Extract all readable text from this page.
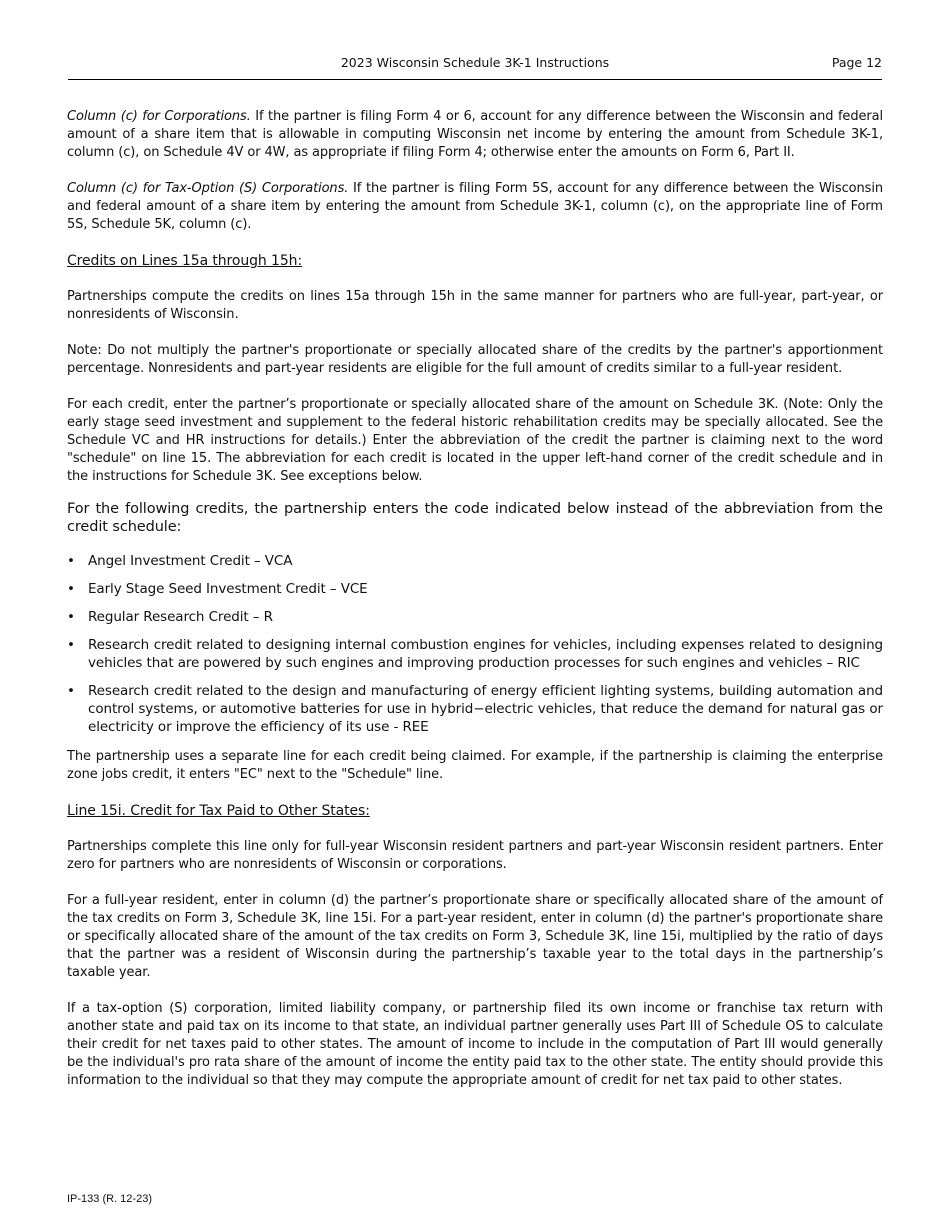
2023 Wisconsin Schedule 3K-1 Instructions	Page 12

Column (c) for Corporations. If the partner is filing Form 4 or 6, account for any difference between the Wisconsin and federal amount of a share item that is allowable in computing Wisconsin net income by entering the amount from Schedule 3K-1, column (c), on Schedule 4V or 4W, as appropriate if filing Form 4; otherwise enter the amounts on Form 6, Part II.

Column (c) for Tax-Option (S) Corporations. If the partner is filing Form 5S, account for any difference between the Wisconsin and federal amount of a share item by entering the amount from Schedule 3K-1, column (c), on the appropriate line of Form 5S, Schedule 5K, column (c).

Credits on Lines 15a through 15h:

Partnerships compute the credits on lines 15a through 15h in the same manner for partners who are full-year, part-year, or nonresidents of Wisconsin.

Note: Do not multiply the partner's proportionate or specially allocated share of the credits by the partner's apportionment percentage. Nonresidents and part-year residents are eligible for the full amount of credits similar to a full-year resident.

For each credit, enter the partner’s proportionate or specially allocated share of the amount on Schedule 3K. (Note: Only the early stage seed investment and supplement to the federal historic rehabilitation credits may be specially allocated. See the Schedule VC and HR instructions for details.) Enter the abbreviation of the credit the partner is claiming next to the word "schedule" on line 15. The abbreviation for each credit is located in the upper left-hand corner of the credit schedule and in the instructions for Schedule 3K. See exceptions below.

For the following credits, the partnership enters the code indicated below instead of the abbreviation from the credit schedule:

• Angel Investment Credit – VCA
• Early Stage Seed Investment Credit – VCE
• Regular Research Credit – R
• Research credit related to designing internal combustion engines for vehicles, including expenses related to designing vehicles that are powered by such engines and improving production processes for such engines and vehicles – RIC
• Research credit related to the design and manufacturing of energy efficient lighting systems, building automation and control systems, or automotive batteries for use in hybrid−electric vehicles, that reduce the demand for natural gas or electricity or improve the efficiency of its use - REE

The partnership uses a separate line for each credit being claimed. For example, if the partnership is claiming the enterprise zone jobs credit, it enters "EC" next to the "Schedule" line.

Line 15i. Credit for Tax Paid to Other States:

Partnerships complete this line only for full-year Wisconsin resident partners and part-year Wisconsin resident partners. Enter zero for partners who are nonresidents of Wisconsin or corporations.

For a full-year resident, enter in column (d) the partner’s proportionate share or specifically allocated share of the amount of the tax credits on Form 3, Schedule 3K, line 15i. For a part-year resident, enter in column (d) the partner's proportionate share or specifically allocated share of the amount of the tax credits on Form 3, Schedule 3K, line 15i, multiplied by the ratio of days that the partner was a resident of Wisconsin during the partnership’s taxable year to the total days in the partnership’s taxable year.

If a tax-option (S) corporation, limited liability company, or partnership filed its own income or franchise tax return with another state and paid tax on its income to that state, an individual partner generally uses Part III of Schedule OS to calculate their credit for net taxes paid to other states. The amount of income to include in the computation of Part III would generally be the individual's pro rata share of the amount of income the entity paid tax to the other state. The entity should provide this information to the individual so that they may compute the appropriate amount of credit for net tax paid to other states.

IP-133 (R. 12-23)
